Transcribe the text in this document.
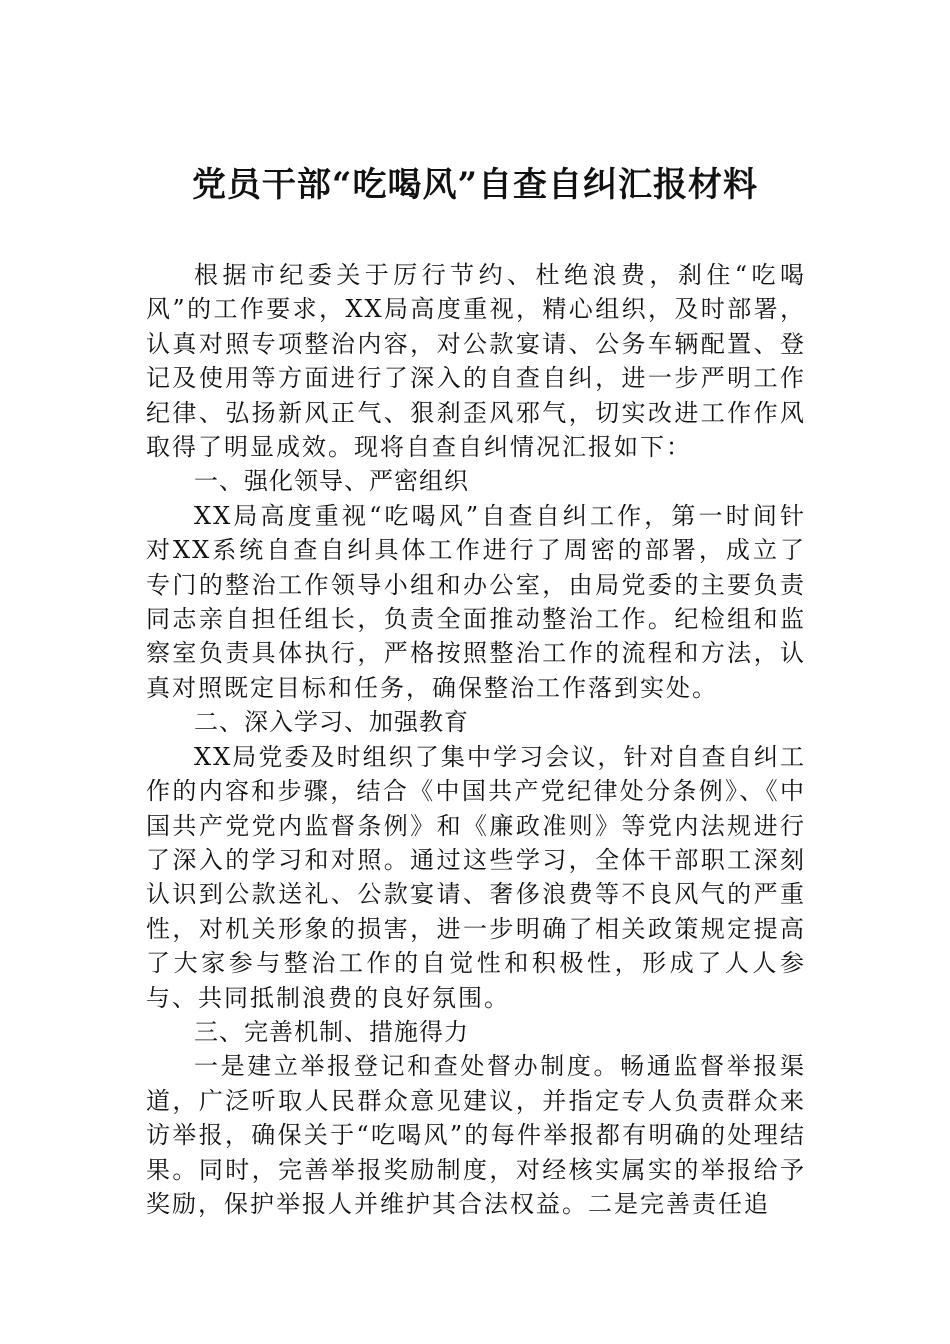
党员干部“吃喝风”自查自纠汇报材料

根据市纪委关于厉行节约、杜绝浪费，刹住“吃喝风”的工作要求，XX局高度重视，精心组织，及时部署，认真对照专项整治内容，对公款宴请、公务车辆配置、登记及使用等方面进行了深入的自查自纠，进一步严明工作纪律、弘扬新风正气、狠刹歪风邪气，切实改进工作作风取得了明显成效。现将自查自纠情况汇报如下：

一、强化领导、严密组织

XX局高度重视“吃喝风”自查自纠工作，第一时间针对XX系统自查自纠具体工作进行了周密的部署，成立了专门的整治工作领导小组和办公室，由局党委的主要负责同志亲自担任组长，负责全面推动整治工作。纪检组和监察室负责具体执行，严格按照整治工作的流程和方法，认真对照既定目标和任务，确保整治工作落到实处。

二、深入学习、加强教育

XX局党委及时组织了集中学习会议，针对自查自纠工作的内容和步骤，结合《中国共产党纪律处分条例》、《中国共产党党内监督条例》和《廉政准则》等党内法规进行了深入的学习和对照。通过这些学习，全体干部职工深刻认识到公款送礼、公款宴请、奢侈浪费等不良风气的严重性，对机关形象的损害，进一步明确了相关政策规定提高了大家参与整治工作的自觉性和积极性，形成了人人参与、共同抵制浪费的良好氛围。

三、完善机制、措施得力

一是建立举报登记和查处督办制度。畅通监督举报渠道，广泛听取人民群众意见建议，并指定专人负责群众来访举报，确保关于“吃喝风”的每件举报都有明确的处理结果。同时，完善举报奖励制度，对经核实属实的举报给予奖励，保护举报人并维护其合法权益。二是完善责任追
